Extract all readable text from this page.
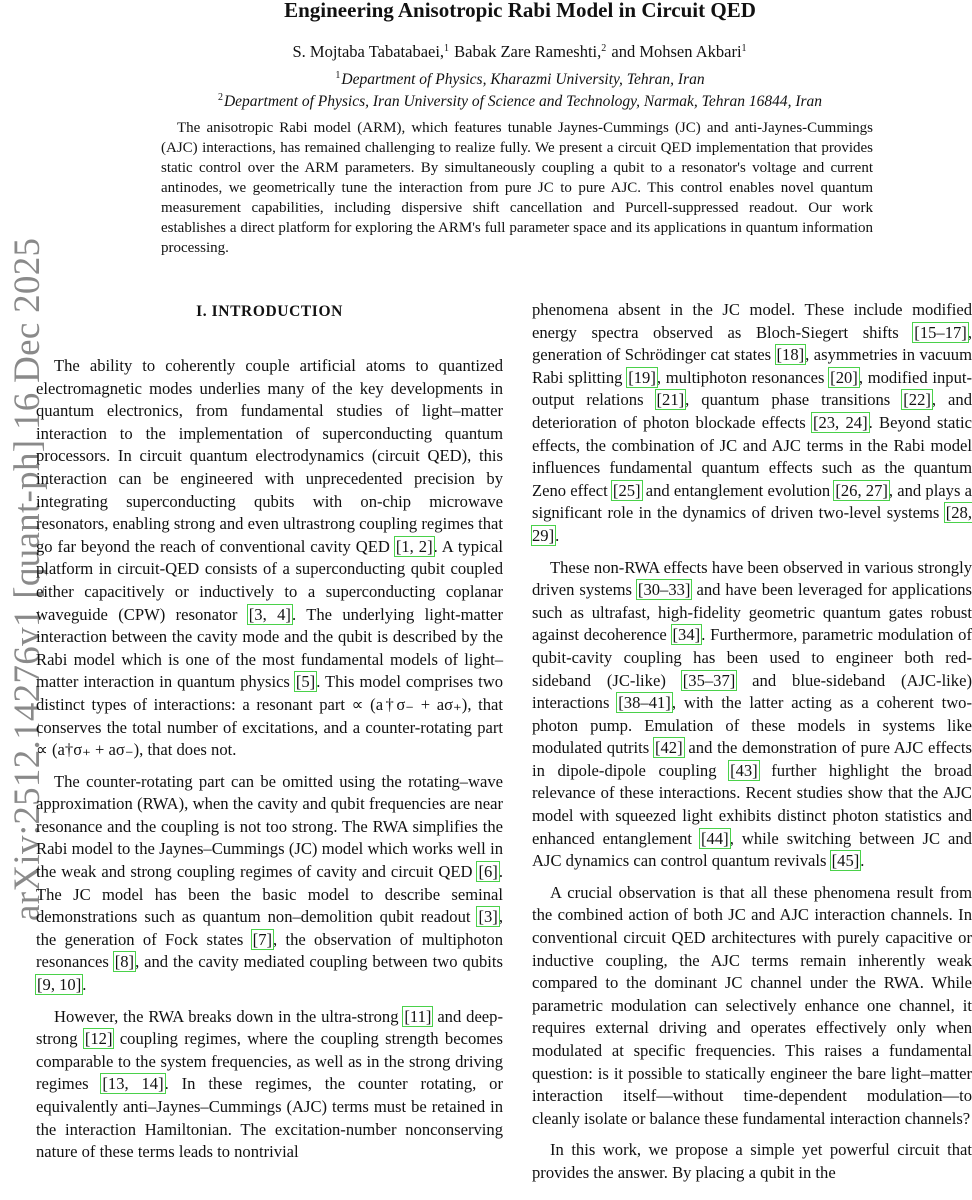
arXiv:2512.14276v1 [quant-ph] 16 Dec 2025
Engineering Anisotropic Rabi Model in Circuit QED
S. Mojtaba Tabatabaei,$^1$ Babak Zare Rameshti,$^2$ and Mohsen Akbari$^1$
$^1$Department of Physics, Kharazmi University, Tehran, Iran
$^2$Department of Physics, Iran University of Science and Technology, Narmak, Tehran 16844, Iran

The anisotropic Rabi model (ARM), which features tunable Jaynes-Cummings (JC) and anti-Jaynes-Cummings (AJC) interactions, has remained challenging to realize fully. We present a circuit QED implementation that provides static control over the ARM parameters. By simultaneously coupling a qubit to a resonator's voltage and current antinodes, we geometrically tune the interaction from pure JC to pure AJC. This control enables novel quantum measurement capabilities, including dispersive shift cancellation and Purcell-suppressed readout. Our work establishes a direct platform for exploring the ARM's full parameter space and its applications in quantum information processing.

I. INTRODUCTION

The ability to coherently couple artificial atoms to quantized electromagnetic modes underlies many of the key developments in quantum electronics, from fundamental studies of light–matter interaction to the implementation of superconducting quantum processors. In circuit quantum electrodynamics (circuit QED), this interaction can be engineered with unprecedented precision by integrating superconducting qubits with on-chip microwave resonators, enabling strong and even ultrastrong coupling regimes that go far beyond the reach of conventional cavity QED [1, 2]. A typical platform in circuit-QED consists of a superconducting qubit coupled either capacitively or inductively to a superconducting coplanar waveguide (CPW) resonator [3, 4]. The underlying light-matter interaction between the cavity mode and the qubit is described by the Rabi model which is one of the most fundamental models of light–matter interaction in quantum physics [5]. This model comprises two distinct types of interactions: a resonant part ∝ (a†σ₋ + aσ₊), that conserves the total number of excitations, and a counter-rotating part ∝ (a†σ₊ + aσ₋), that does not.

The counter-rotating part can be omitted using the rotating–wave approximation (RWA), when the cavity and qubit frequencies are near resonance and the coupling is not too strong. The RWA simplifies the Rabi model to the Jaynes–Cummings (JC) model which works well in the weak and strong coupling regimes of cavity and circuit QED [6]. The JC model has been the basic model to describe seminal demonstrations such as quantum non–demolition qubit readout [3], the generation of Fock states [7], the observation of multiphoton resonances [8], and the cavity mediated coupling between two qubits [9, 10].

However, the RWA breaks down in the ultra-strong [11] and deep-strong [12] coupling regimes, where the coupling strength becomes comparable to the system frequencies, as well as in the strong driving regimes [13, 14]. In these regimes, the counter rotating, or equivalently anti–Jaynes–Cummings (AJC) terms must be retained in the interaction Hamiltonian. The excitation-number nonconserving nature of these terms leads to nontrivial

phenomena absent in the JC model. These include modified energy spectra observed as Bloch-Siegert shifts [15–17], generation of Schrödinger cat states [18], asymmetries in vacuum Rabi splitting [19], multiphoton resonances [20], modified input-output relations [21], quantum phase transitions [22], and deterioration of photon blockade effects [23, 24]. Beyond static effects, the combination of JC and AJC terms in the Rabi model influences fundamental quantum effects such as the quantum Zeno effect [25] and entanglement evolution [26, 27], and plays a significant role in the dynamics of driven two-level systems [28, 29].

These non-RWA effects have been observed in various strongly driven systems [30–33] and have been leveraged for applications such as ultrafast, high-fidelity geometric quantum gates robust against decoherence [34]. Furthermore, parametric modulation of qubit-cavity coupling has been used to engineer both red-sideband (JC-like) [35–37] and blue-sideband (AJC-like) interactions [38–41], with the latter acting as a coherent two-photon pump. Emulation of these models in systems like modulated qutrits [42] and the demonstration of pure AJC effects in dipole-dipole coupling [43] further highlight the broad relevance of these interactions. Recent studies show that the AJC model with squeezed light exhibits distinct photon statistics and enhanced entanglement [44], while switching between JC and AJC dynamics can control quantum revivals [45].

A crucial observation is that all these phenomena result from the combined action of both JC and AJC interaction channels. In conventional circuit QED architectures with purely capacitive or inductive coupling, the AJC terms remain inherently weak compared to the dominant JC channel under the RWA. While parametric modulation can selectively enhance one channel, it requires external driving and operates effectively only when modulated at specific frequencies. This raises a fundamental question: is it possible to statically engineer the bare light–matter interaction itself—without time-dependent modulation—to cleanly isolate or balance these fundamental interaction channels?

In this work, we propose a simple yet powerful circuit that provides the answer. By placing a qubit in the
